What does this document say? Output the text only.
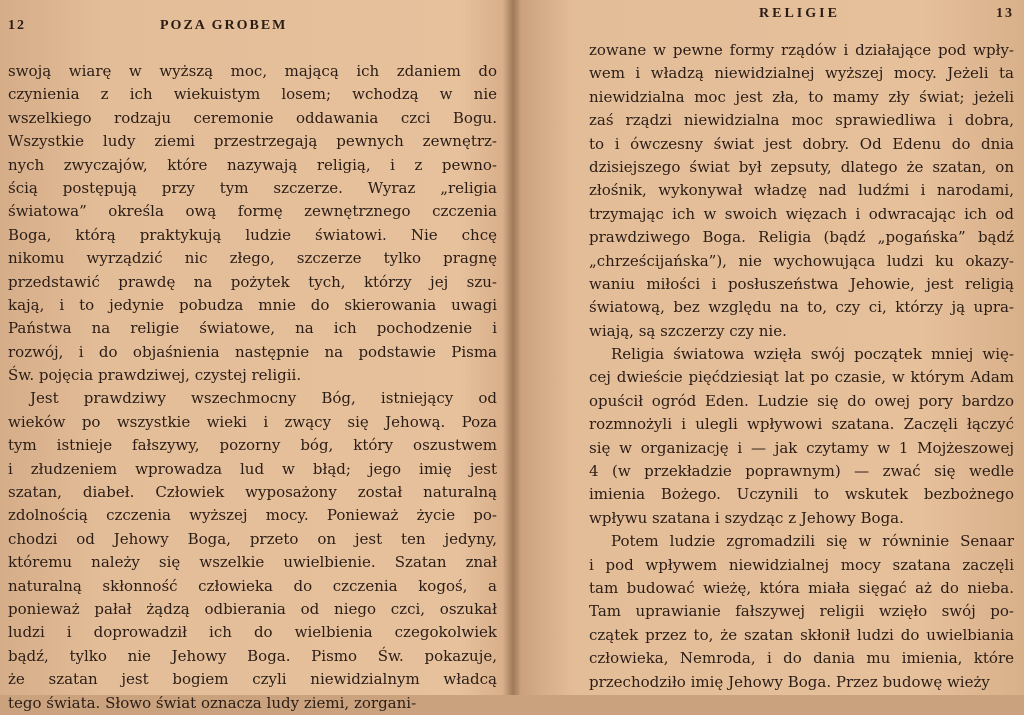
12	POZA GROBEM
swoją wiarę w wyższą moc, mającą ich zdaniem do
czynienia z ich wiekuistym losem; wchodzą w nie
wszelkiego rodzaju ceremonie oddawania czci Bogu.
Wszystkie ludy ziemi przestrzegają pewnych zewnętrz-
nych zwyczajów, które nazywają religią, i z pewno-
ścią postępują przy tym szczerze. Wyraz „religia
światowa” określa ową formę zewnętrznego czczenia
Boga, którą praktykują ludzie światowi. Nie chcę
nikomu wyrządzić nic złego, szczerze tylko pragnę
przedstawić prawdę na pożytek tych, którzy jej szu-
kają, i to jedynie pobudza mnie do skierowania uwagi
Państwa na religie światowe, na ich pochodzenie i
rozwój, i do objaśnienia następnie na podstawie Pisma
Św. pojęcia prawdziwej, czystej religii.
Jest prawdziwy wszechmocny Bóg, istniejący od
wieków po wszystkie wieki i zwący się Jehową. Poza
tym istnieje fałszywy, pozorny bóg, który oszustwem
i złudzeniem wprowadza lud w błąd; jego imię jest
szatan, diabeł. Człowiek wyposażony został naturalną
zdolnością czczenia wyższej mocy. Ponieważ życie po-
chodzi od Jehowy Boga, przeto on jest ten jedyny,
któremu należy się wszelkie uwielbienie. Szatan znał
naturalną skłonność człowieka do czczenia kogoś, a
ponieważ pałał żądzą odbierania od niego czci, oszukał
ludzi i doprowadził ich do wielbienia czegokolwiek
bądź, tylko nie Jehowy Boga. Pismo Św. pokazuje,
że szatan jest bogiem czyli niewidzialnym władcą
tego świata. Słowo świat oznacza ludy ziemi, zorgani-
RELIGIE	13
zowane w pewne formy rządów i działające pod wpły-
wem i władzą niewidzialnej wyższej mocy. Jeżeli ta
niewidzialna moc jest zła, to mamy zły świat; jeżeli
zaś rządzi niewidzialna moc sprawiedliwa i dobra,
to i ówczesny świat jest dobry. Od Edenu do dnia
dzisiejszego świat był zepsuty, dlatego że szatan, on
złośnik, wykonywał władzę nad ludźmi i narodami,
trzymając ich w swoich więzach i odwracając ich od
prawdziwego Boga. Religia (bądź „pogańska” bądź
„chrześcijańska”), nie wychowująca ludzi ku okazy-
waniu miłości i posłuszeństwa Jehowie, jest religią
światową, bez względu na to, czy ci, którzy ją upra-
wiają, są szczerzy czy nie.
Religia światowa wzięła swój początek mniej wię-
cej dwieście pięćdziesiąt lat po czasie, w którym Adam
opuścił ogród Eden. Ludzie się do owej pory bardzo
rozmnożyli i ulegli wpływowi szatana. Zaczęli łączyć
się w organizację i — jak czytamy w 1 Mojżeszowej
4 (w przekładzie poprawnym) — zwać się wedle
imienia Bożego. Uczynili to wskutek bezbożnego
wpływu szatana i szydząc z Jehowy Boga.
Potem ludzie zgromadzili się w równinie Senaar
i pod wpływem niewidzialnej mocy szatana zaczęli
tam budować wieżę, która miała sięgać aż do nieba.
Tam uprawianie fałszywej religii wzięło swój po-
czątek przez to, że szatan skłonił ludzi do uwielbiania
człowieka, Nemroda, i do dania mu imienia, które
przechodziło imię Jehowy Boga. Przez budowę wieży
